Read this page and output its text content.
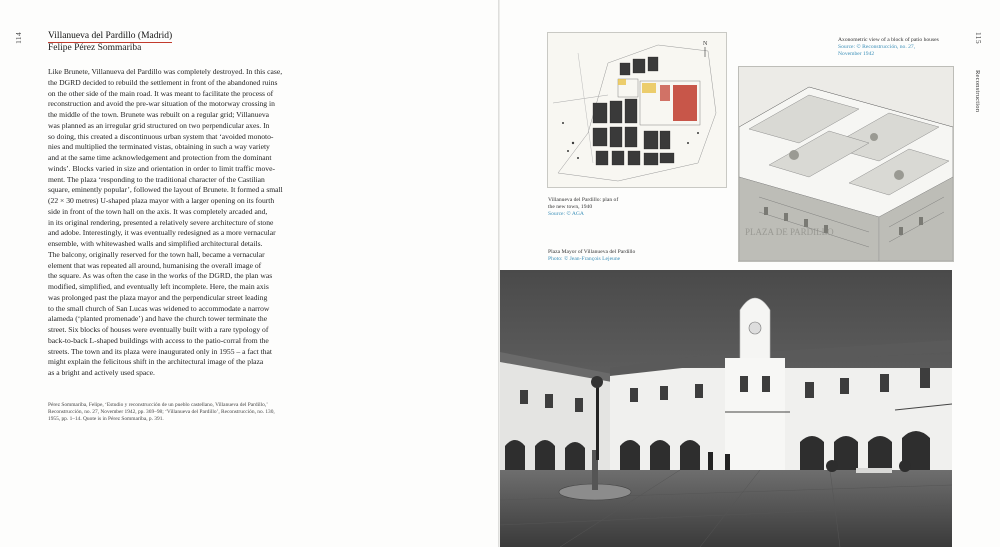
114	Villanueva del Pardillo (Madrid)
Felipe Pérez Sommariba

Like Brunete, Villanueva del Pardillo was completely destroyed. In this case,

the DGRD decided to rebuild the settlement in front of the abandoned ruins

on the other side of the main road. It was meant to facilitate the process of

reconstruction and avoid the pre-war situation of the motorway crossing in

the middle of the town. Brunete was rebuilt on a regular grid; Villanueva

was planned as an irregular grid structured on two perpendicular axes. In

so doing, this created a discontinuous urban system that ‘avoided monoto-

nies and multiplied the terminated vistas, obtaining in such a way variety

and at the same time acknowledgement and protection from the dominant

winds’. Blocks varied in size and orientation in order to limit traffic move-

ment. The plaza ‘responding to the traditional character of the Castilian

square, eminently popular’, followed the layout of Brunete. It formed a small

(22 × 30 metres) U-shaped plaza mayor with a larger opening on its fourth

side in front of the town hall on the axis. It was completely arcaded and,

in its original rendering, presented a relatively severe architecture of stone

and adobe. Interestingly, it was eventually redesigned as a more vernacular

ensemble, with whitewashed walls and simplified architectural details.

The balcony, originally reserved for the town hall, became a vernacular

element that was repeated all around, humanising the overall image of

the square. As was often the case in the works of the DGRD, the plan was

modified, simplified, and eventually left incomplete. Here, the main axis

was prolonged past the plaza mayor and the perpendicular street leading

to the small church of San Lucas was widened to accommodate a narrow

alameda (‘planted promenade’) and have the church tower terminate the

street. Six blocks of houses were eventually built with a rare typology of

back-to-back L-shaped buildings with access to the patio-corral from the

streets. The town and its plaza were inaugurated only in 1955 – a fact that

might explain the felicitous shift in the architectural image of the plaza

as a bright and actively used space.

Pérez Sommariba, Felipe, ‘Estudio y reconstrucción de un pueblo castellano, Villanueva del Pardillo,’

Reconstrucción, no. 27, November 1942, pp. 369–98; ‘Villanueva del Pardillo’, Reconstrucción, no. 130,

1955, pp. 1–14. Quote is in Pérez Sommariba, p. 391.

115
Reconstruction
N
Villanueva del Pardillo: plan of
the new town, 1940
Source: © AGA
Axonometric view of a block of patio houses
Source: © Reconstrucción, no. 27,
November 1942
PLAZA DE PARDILLO
Plaza Mayor of Villanueva del Pardillo
Photo: © Jean-François Lejeune
